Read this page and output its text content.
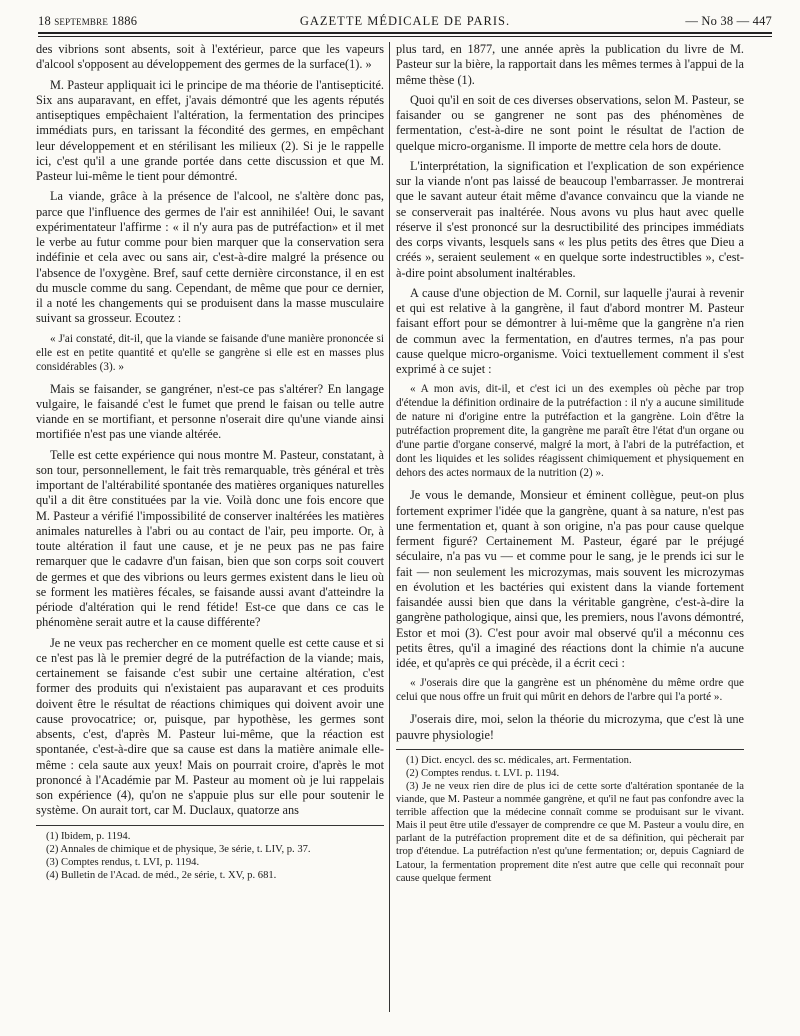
18 septembre 1886	GAZETTE MÉDICALE DE PARIS.	— No 38 — 447

des vibrions sont absents, soit à l'extérieur, parce que les vapeurs d'alcool s'opposent au développement des germes de la surface(1). »

M. Pasteur appliquait ici le principe de ma théorie de l'antisepticité. Six ans auparavant, en effet, j'avais démontré que les agents réputés antiseptiques empêchaient l'altération, la fermentation des principes immédiats purs, en tarissant la fécondité des germes, en empêchant leur développement et en stérilisant les milieux (2). Si je le rappelle ici, c'est qu'il a une grande portée dans cette discussion et que M. Pasteur lui-même le tient pour démontré.

La viande, grâce à la présence de l'alcool, ne s'altère donc pas, parce que l'influence des germes de l'air est annihilée! Oui, le savant expérimentateur l'affirme : « il n'y aura pas de putréfaction» et il met le verbe au futur comme pour bien marquer que la conservation sera indéfinie et cela avec ou sans air, c'est-à-dire malgré la présence ou l'absence de l'oxygène. Bref, sauf cette dernière circonstance, il en est du muscle comme du sang. Cependant, de même que pour ce dernier, il a noté les changements qui se produisent dans la masse musculaire suivant sa grosseur. Ecoutez :

« J'ai constaté, dit-il, que la viande se faisande d'une manière prononcée si elle est en petite quantité et qu'elle se gangrène si elle est en masses plus considérables (3). »

Mais se faisander, se gangréner, n'est-ce pas s'altérer? En langage vulgaire, le faisandé c'est le fumet que prend le faisan ou telle autre viande en se mortifiant, et personne n'oserait dire qu'une viande ainsi mortifiée n'est pas une viande altérée.

Telle est cette expérience qui nous montre M. Pasteur, constatant, à son tour, personnellement, le fait très remarquable, très général et très important de l'altérabilité spontanée des matières organiques naturelles qu'il a dit être constituées par la vie. Voilà donc une fois encore que M. Pasteur a vérifié l'impossibilité de conserver inaltérées les matières animales naturelles à l'abri ou au contact de l'air, peu importe. Or, à toute altération il faut une cause, et je ne peux pas ne pas faire remarquer que le cadavre d'un faisan, bien que son corps soit couvert de germes et que des vibrions ou leurs germes existent dans le lieu où se forment les matières fécales, se faisande aussi avant d'atteindre la période d'altération qui le rend fétide! Est-ce que dans ce cas le phénomène serait autre et la cause différente?

Je ne veux pas rechercher en ce moment quelle est cette cause et si ce n'est pas là le premier degré de la putréfaction de la viande; mais, certainement se faisande c'est subir une certaine altération, c'est former des produits qui n'existaient pas auparavant et ces produits doivent être le résultat de réactions chimiques qui doivent avoir une cause provocatrice; or, puisque, par hypothèse, les germes sont absents, c'est, d'après M. Pasteur lui-même, que la réaction est spontanée, c'est-à-dire que sa cause est dans la matière animale elle-même : cela saute aux yeux! Mais on pourrait croire, d'après le mot prononcé à l'Académie par M. Pasteur au moment où je lui rappelais son expérience (4), qu'on ne s'appuie plus sur elle pour soutenir le système. On aurait tort, car M. Duclaux, quatorze ans

(1) Ibidem, p. 1194.

(2) Annales de chimique et de physique, 3e série, t. LIV, p. 37.

(3) Comptes rendus, t. LVI, p. 1194.

(4) Bulletin de l'Acad. de méd., 2e série, t. XV, p. 681.

plus tard, en 1877, une année après la publication du livre de M. Pasteur sur la bière, la rapportait dans les mêmes termes à l'appui de la même thèse (1).

Quoi qu'il en soit de ces diverses observations, selon M. Pasteur, se faisander ou se gangrener ne sont pas des phénomènes de fermentation, c'est-à-dire ne sont point le résultat de l'action de quelque micro-organisme. Il importe de mettre cela hors de doute.

L'interprétation, la signification et l'explication de son expérience sur la viande n'ont pas laissé de beaucoup l'embarrasser. Je montrerai que le savant auteur était même d'avance convaincu que la viande ne se conserverait pas inaltérée. Nous avons vu plus haut avec quelle réserve il s'est prononcé sur la desructibilité des principes immédiats des corps vivants, lesquels sans « les plus petits des êtres que Dieu a créés », seraient seulement « en quelque sorte indestructibles », c'est-à-dire point absolument inaltérables.

A cause d'une objection de M. Cornil, sur laquelle j'aurai à revenir et qui est relative à la gangrène, il faut d'abord montrer M. Pasteur faisant effort pour se démontrer à lui-même que la gangrène n'a rien de commun avec la fermentation, en d'autres termes, n'a pas pour cause quelque micro-organisme. Voici textuellement comment il s'est exprimé à ce sujet :

« A mon avis, dit-il, et c'est ici un des exemples où pèche par trop d'étendue la définition ordinaire de la putréfaction : il n'y a aucune similitude de nature ni d'origine entre la putréfaction et la gangrène. Loin d'être la putréfaction proprement dite, la gangrène me paraît être l'état d'un organe ou d'une partie d'organe conservé, malgré la mort, à l'abri de la putréfaction, et dont les liquides et les solides réagissent chimiquement et physiquement en dehors des actes normaux de la nutrition (2) ».

Je vous le demande, Monsieur et éminent collègue, peut-on plus fortement exprimer l'idée que la gangrène, quant à sa nature, n'est pas une fermentation et, quant à son origine, n'a pas pour cause quelque ferment figuré? Certainement M. Pasteur, égaré par le préjugé séculaire, n'a pas vu — et comme pour le sang, je le prends ici sur le fait — non seulement les microzymas, mais souvent les microzymas en évolution et les bactéries qui existent dans la viande fortement faisandée aussi bien que dans la véritable gangrène, c'est-à-dire la gangrène pathologique, ainsi que, les premiers, nous l'avons démontré, Estor et moi (3). C'est pour avoir mal observé qu'il a méconnu ces petits êtres, qu'il a imaginé des réactions dont la chimie n'a aucune idée, et qu'après ce qui précède, il a écrit ceci :

« J'oserais dire que la gangrène est un phénomène du même ordre que celui que nous offre un fruit qui mûrit en dehors de l'arbre qui l'a porté ».

J'oserais dire, moi, selon la théorie du microzyma, que c'est là une pauvre physiologie!

(1) Dict. encycl. des sc. médicales, art. Fermentation.

(2) Comptes rendus. t. LVI. p. 1194.

(3) Je ne veux rien dire de plus ici de cette sorte d'altération spontanée de la viande, que M. Pasteur a nommée gangrène, et qu'il ne faut pas confondre avec la terrible affection que la médecine connaît comme se produisant sur le vivant. Mais il peut être utile d'essayer de comprendre ce que M. Pasteur a voulu dire, en parlant de la putréfaction proprement dite et de sa définition, qui pècherait par trop d'étendue. La putréfaction n'est qu'une fermentation; or, depuis Cagniard de Latour, la fermentation proprement dite n'est autre que celle qui reconnaît pour cause quelque ferment
